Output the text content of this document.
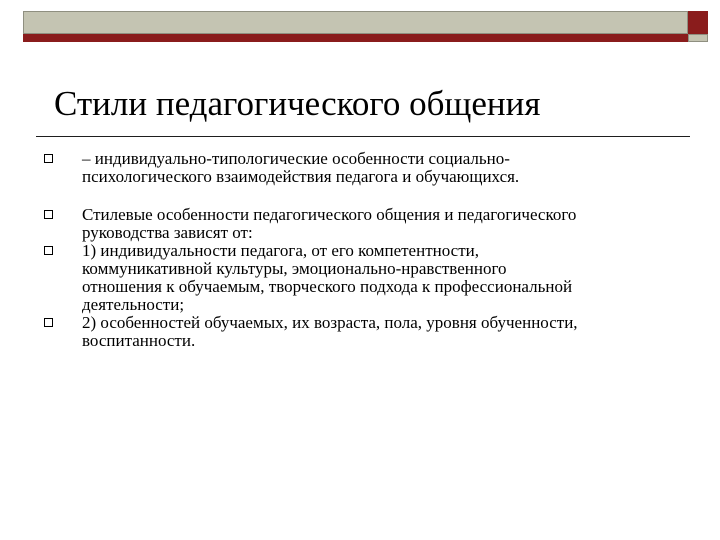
Стили педагогического общения
– индивидуально-типологические особенности социально-
психологического взаимодействия педагога и обучающихся.
Стилевые особенности педагогического общения и педагогического
руководства зависят от:
1) индивидуальности педагога, от его компетентности,
коммуникативной культуры, эмоционально-нравственного
отношения к обучаемым, творческого подхода к профессиональной
деятельности;
2) особенностей обучаемых, их возраста, пола, уровня обученности,
воспитанности.
